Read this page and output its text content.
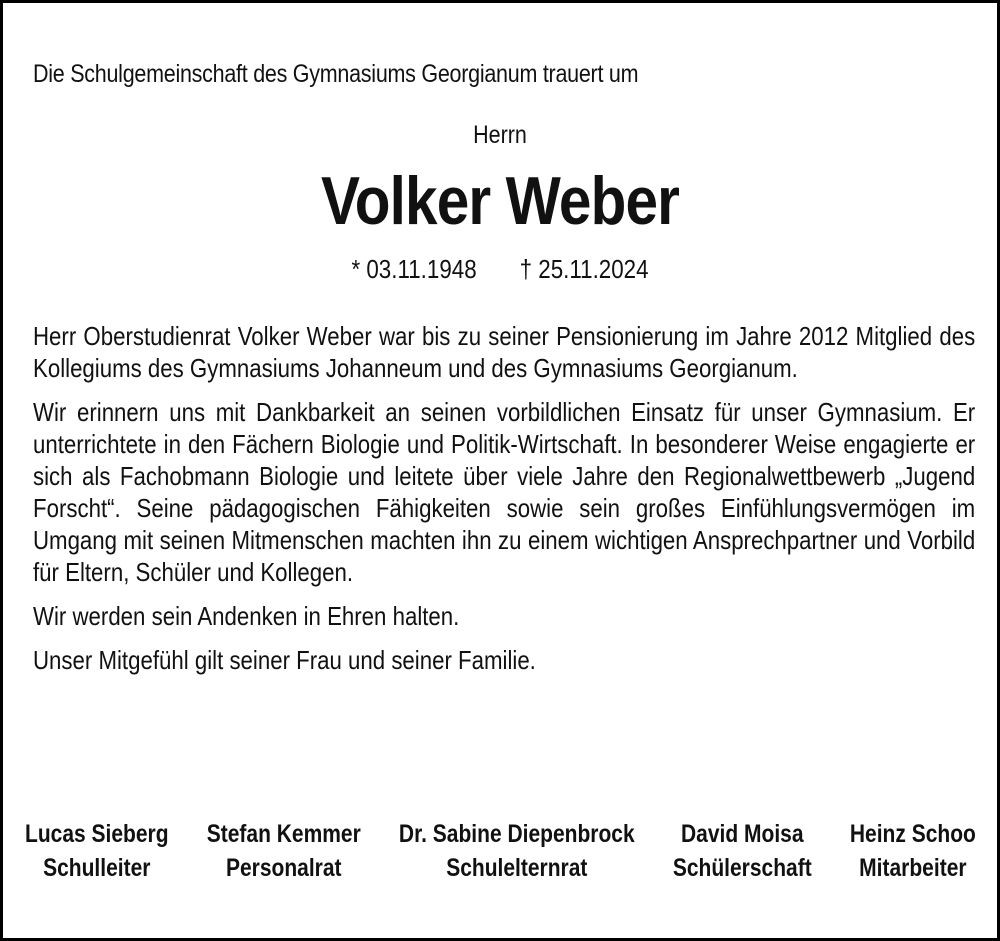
Die Schulgemeinschaft des Gymnasiums Georgianum trauert um
Herrn
Volker Weber
* 03.11.1948 † 25.11.2024

Herr Oberstudienrat Volker Weber war bis zu seiner Pensionierung im Jahre 2012 Mitglied des Kollegiums des Gymnasiums Johanneum und des Gymnasiums Georgianum.

Wir erinnern uns mit Dankbarkeit an seinen vorbildlichen Einsatz für unser Gymnasium. Er unterrichtete in den Fächern Biologie und Politik-Wirtschaft. In besonderer Weise engagierte er sich als Fachobmann Biologie und leitete über viele Jahre den Regionalwettbewerb „Jugend Forscht“. Seine pädagogischen Fähigkeiten sowie sein großes Einfühlungsvermögen im Umgang mit seinen Mitmenschen machten ihn zu einem wichtigen Ansprechpartner und Vorbild für Eltern, Schüler und Kollegen.

Wir werden sein Andenken in Ehren halten.

Unser Mitgefühl gilt seiner Frau und seiner Familie.

Lucas Sieberg
Schulleiter
Stefan Kemmer
Personalrat
Dr. Sabine Diepenbrock
Schulelternrat
David Moisa
Schülerschaft
Heinz Schoo
Mitarbeiter
